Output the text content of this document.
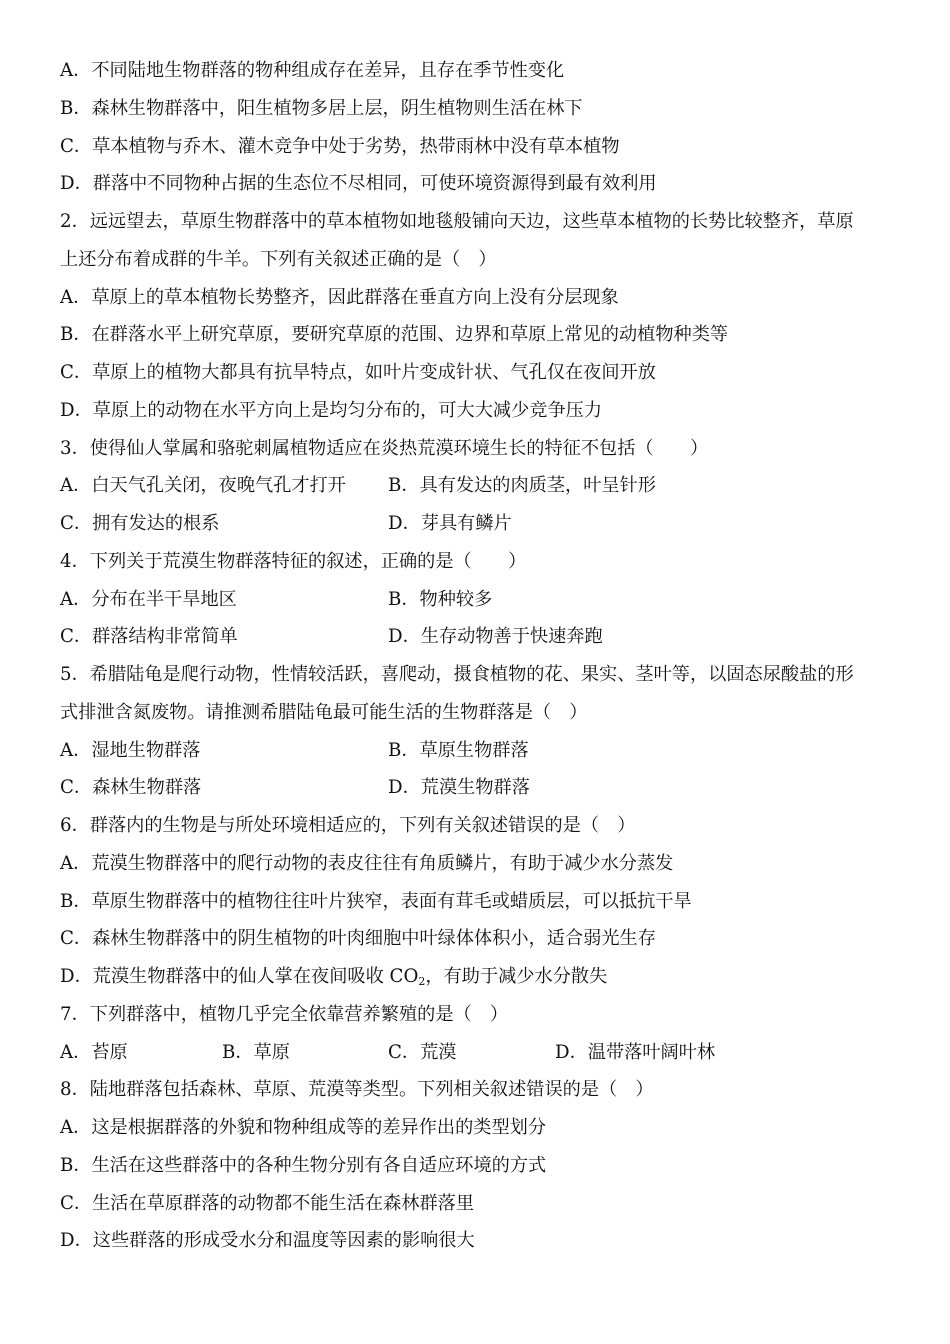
A．不同陆地生物群落的物种组成存在差异，且存在季节性变化
B．森林生物群落中，阳生植物多居上层，阴生植物则生活在林下
C．草本植物与乔木、灌木竞争中处于劣势，热带雨林中没有草本植物
D．群落中不同物种占据的生态位不尽相同，可使环境资源得到最有效利用
2．远远望去，草原生物群落中的草本植物如地毯般铺向天边，这些草本植物的长势比较整齐，草原
上还分布着成群的牛羊。下列有关叙述正确的是（　）
A．草原上的草本植物长势整齐，因此群落在垂直方向上没有分层现象
B．在群落水平上研究草原，要研究草原的范围、边界和草原上常见的动植物种类等
C．草原上的植物大都具有抗旱特点，如叶片变成针状、气孔仅在夜间开放
D．草原上的动物在水平方向上是均匀分布的，可大大减少竞争压力
3．使得仙人掌属和骆驼刺属植物适应在炎热荒漠环境生长的特征不包括（　　）
A．白天气孔关闭，夜晚气孔才打开 B．具有发达的肉质茎，叶呈针形
C．拥有发达的根系	D．芽具有鳞片
4．下列关于荒漠生物群落特征的叙述，正确的是（　　）
A．分布在半干旱地区	B．物种较多
C．群落结构非常简单	D．生存动物善于快速奔跑
5．希腊陆龟是爬行动物，性情较活跃，喜爬动，摄食植物的花、果实、茎叶等，以固态尿酸盐的形
式排泄含氮废物。请推测希腊陆龟最可能生活的生物群落是（　）
A．湿地生物群落	B．草原生物群落
C．森林生物群落	D．荒漠生物群落
6．群落内的生物是与所处环境相适应的，下列有关叙述错误的是（　）
A．荒漠生物群落中的爬行动物的表皮往往有角质鳞片，有助于减少水分蒸发
B．草原生物群落中的植物往往叶片狭窄，表面有茸毛或蜡质层，可以抵抗干旱
C．森林生物群落中的阴生植物的叶肉细胞中叶绿体体积小，适合弱光生存
D．荒漠生物群落中的仙人掌在夜间吸收 $CO_2$，有助于减少水分散失
7．下列群落中，植物几乎完全依靠营养繁殖的是（　）
A．苔原	B．草原	C．荒漠	D．温带落叶阔叶林
8．陆地群落包括森林、草原、荒漠等类型。下列相关叙述错误的是（　）
A．这是根据群落的外貌和物种组成等的差异作出的类型划分
B．生活在这些群落中的各种生物分别有各自适应环境的方式
C．生活在草原群落的动物都不能生活在森林群落里
D．这些群落的形成受水分和温度等因素的影响很大
